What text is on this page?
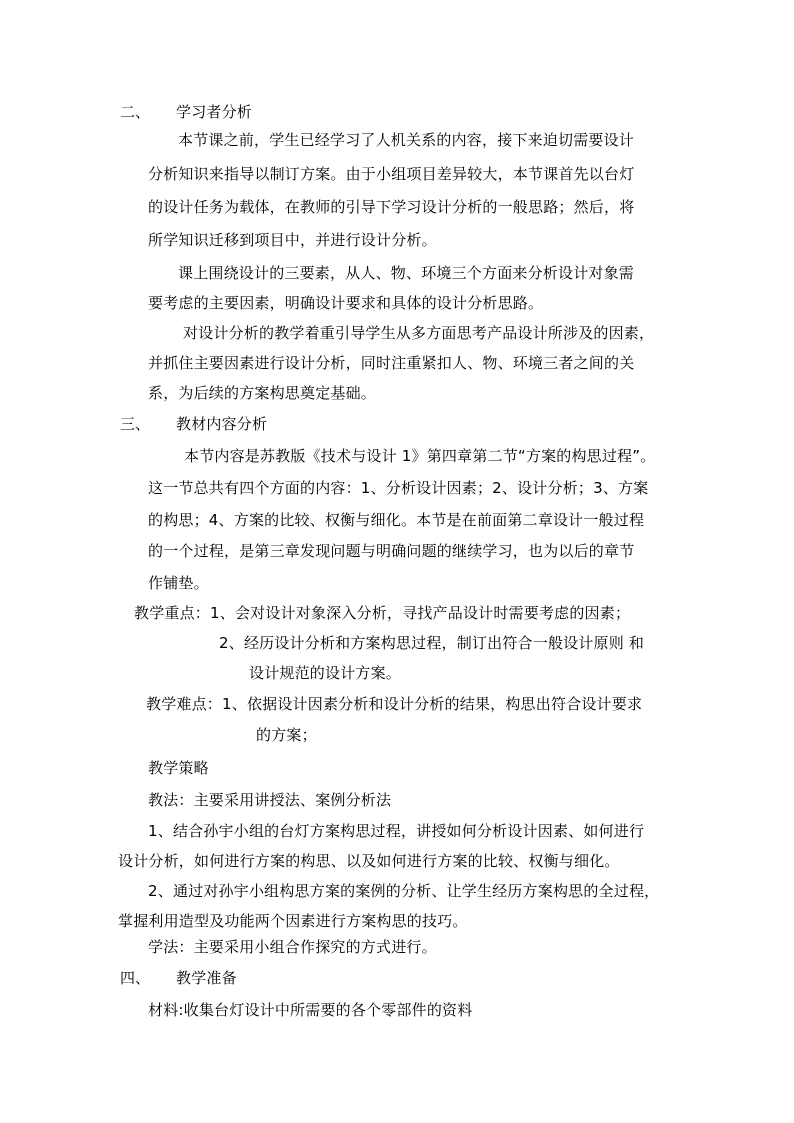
二、 学习者分析
本节课之前，学生已经学习了人机关系的内容，接下来迫切需要设计
分析知识来指导以制订方案。由于小组项目差异较大，本节课首先以台灯
的设计任务为载体，在教师的引导下学习设计分析的一般思路；然后，将
所学知识迁移到项目中，并进行设计分析。
课上围绕设计的三要素，从人、物、环境三个方面来分析设计对象需
要考虑的主要因素，明确设计要求和具体的设计分析思路。
对设计分析的教学着重引导学生从多方面思考产品设计所涉及的因素，
并抓住主要因素进行设计分析，同时注重紧扣人、物、环境三者之间的关
系，为后续的方案构思奠定基础。
三、 教材内容分析
本节内容是苏教版《技术与设计 1》第四章第二节“方案的构思过程”。
这一节总共有四个方面的内容：1、分析设计因素；2、设计分析；3、方案
的构思；4、方案的比较、权衡与细化。本节是在前面第二章设计一般过程
的一个过程，是第三章发现问题与明确问题的继续学习，也为以后的章节
作铺垫。
教学重点：1、会对设计对象深入分析，寻找产品设计时需要考虑的因素；
2、经历设计分析和方案构思过程，制订出符合一般设计原则 和
设计规范的设计方案。
教学难点：1、依据设计因素分析和设计分析的结果，构思出符合设计要求
的方案；
教学策略
教法：主要采用讲授法、案例分析法
1、结合孙宇小组的台灯方案构思过程，讲授如何分析设计因素、如何进行
设计分析，如何进行方案的构思、以及如何进行方案的比较、权衡与细化。
2、通过对孙宇小组构思方案的案例的分析、让学生经历方案构思的全过程，
掌握利用造型及功能两个因素进行方案构思的技巧。
学法：主要采用小组合作探究的方式进行。
四、 教学准备
材料:收集台灯设计中所需要的各个零部件的资料
